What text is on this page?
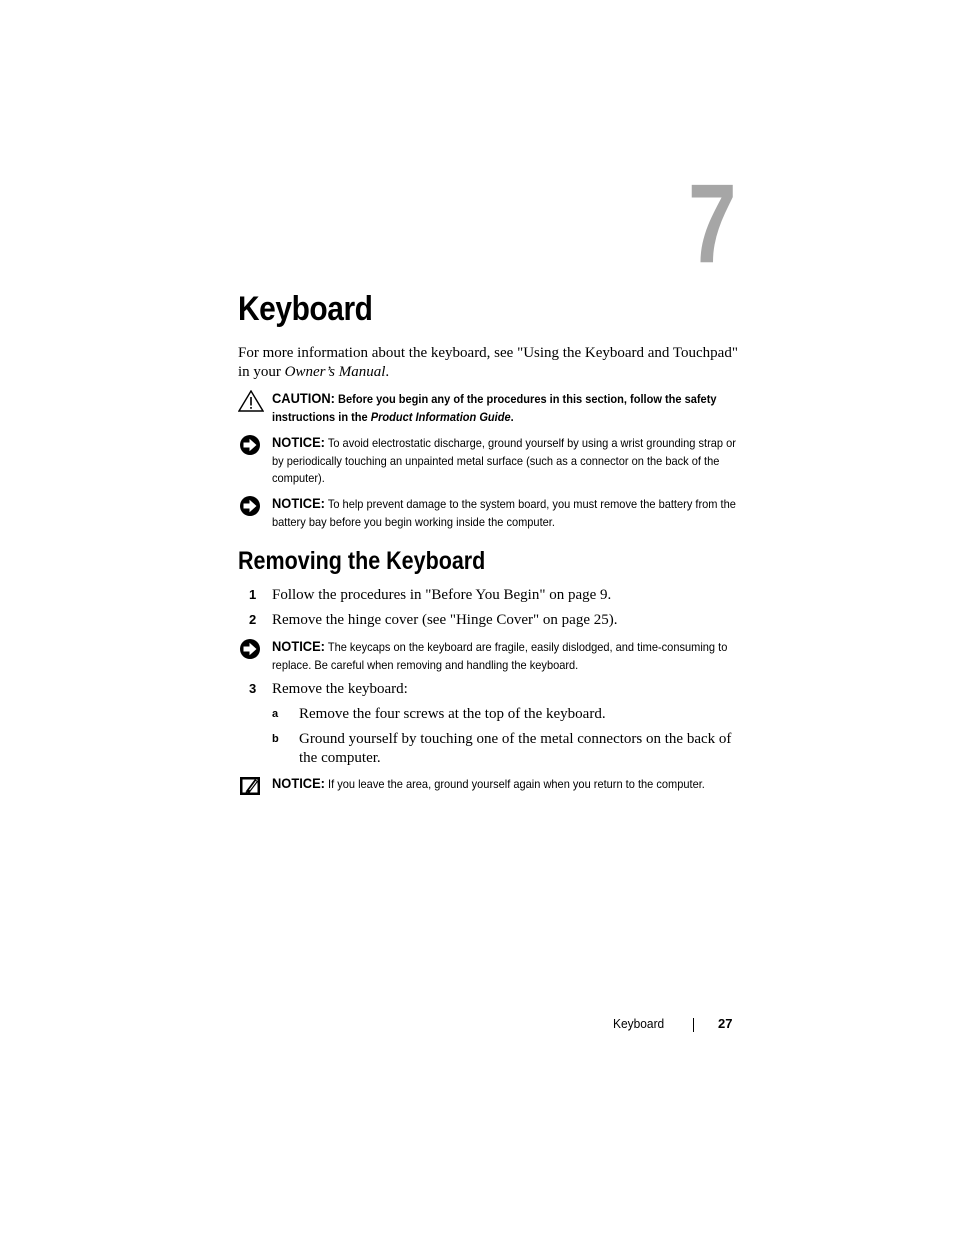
7
Keyboard

For more information about the keyboard, see "Using the Keyboard and Touchpad" in your Owner’s Manual.

CAUTION: Before you begin any of the procedures in this section, follow the safety instructions in the Product Information Guide.

NOTICE: To avoid electrostatic discharge, ground yourself by using a wrist grounding strap or by periodically touching an unpainted metal surface (such as a connector on the back of the computer).

NOTICE: To help prevent damage to the system board, you must remove the battery from the battery bay before you begin working inside the computer.

Removing the Keyboard
1 Follow the procedures in "Before You Begin" on page 9.
2 Remove the hinge cover (see "Hinge Cover" on page 25).

NOTICE: The keycaps on the keyboard are fragile, easily dislodged, and time-consuming to replace. Be careful when removing and handling the keyboard.

3 Remove the keyboard:
a Remove the four screws at the top of the keyboard.
b Ground yourself by touching one of the metal connectors on the back of the computer.

NOTICE: If you leave the area, ground yourself again when you return to the computer.

Keyboard	27
